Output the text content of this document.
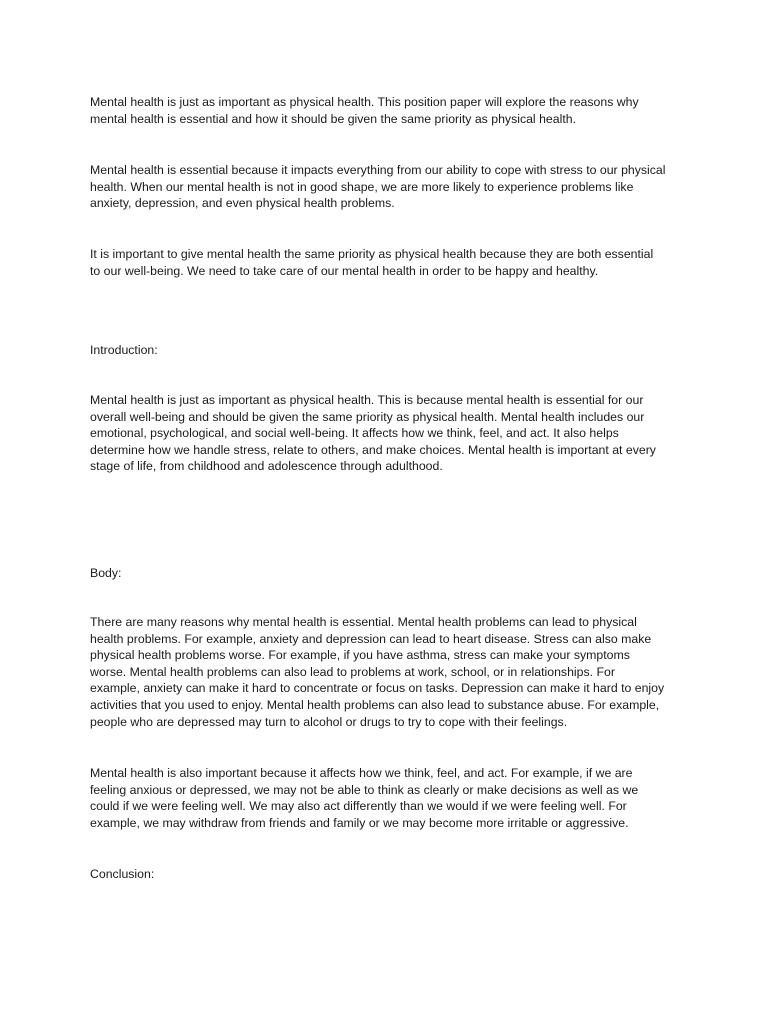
Mental health is just as important as physical health. This position paper will explore the reasons why
mental health is essential and how it should be given the same priority as physical health.

Mental health is essential because it impacts everything from our ability to cope with stress to our physical
health. When our mental health is not in good shape, we are more likely to experience problems like
anxiety, depression, and even physical health problems.

It is important to give mental health the same priority as physical health because they are both essential
to our well-being. We need to take care of our mental health in order to be happy and healthy.

Introduction:

Mental health is just as important as physical health. This is because mental health is essential for our
overall well-being and should be given the same priority as physical health. Mental health includes our
emotional, psychological, and social well-being. It affects how we think, feel, and act. It also helps
determine how we handle stress, relate to others, and make choices. Mental health is important at every
stage of life, from childhood and adolescence through adulthood.

Body:

There are many reasons why mental health is essential. Mental health problems can lead to physical
health problems. For example, anxiety and depression can lead to heart disease. Stress can also make
physical health problems worse. For example, if you have asthma, stress can make your symptoms
worse. Mental health problems can also lead to problems at work, school, or in relationships. For
example, anxiety can make it hard to concentrate or focus on tasks. Depression can make it hard to enjoy
activities that you used to enjoy. Mental health problems can also lead to substance abuse. For example,
people who are depressed may turn to alcohol or drugs to try to cope with their feelings.

Mental health is also important because it affects how we think, feel, and act. For example, if we are
feeling anxious or depressed, we may not be able to think as clearly or make decisions as well as we
could if we were feeling well. We may also act differently than we would if we were feeling well. For
example, we may withdraw from friends and family or we may become more irritable or aggressive.

Conclusion:
